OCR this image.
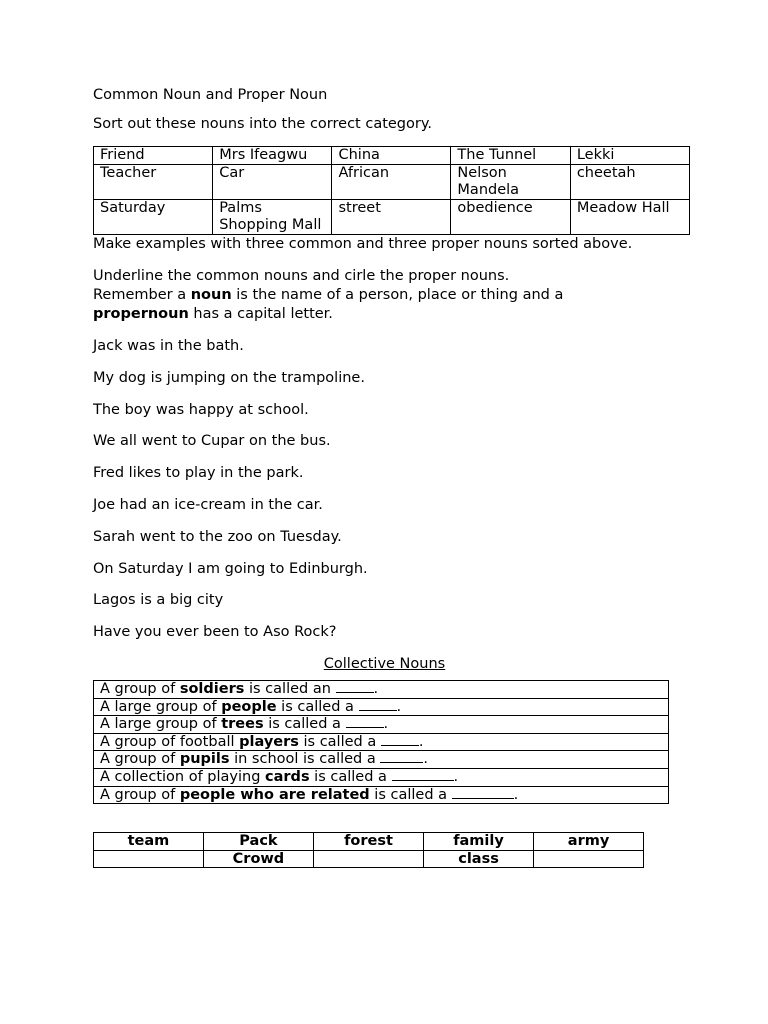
Common Noun and Proper Noun

Sort out these nouns into the correct category.

Friend	Mrs Ifeagwu	China	The Tunnel	Lekki
Teacher	Car	African	Nelson Mandela	cheetah
Saturday	Palms Shopping Mall	street	obedience	Meadow Hall

Make examples with three common and three proper nouns sorted above.

Underline the common nouns and cirle the proper nouns.

Remember a noun is the name of a person, place or thing and a
propernoun has a capital letter.

Jack was in the bath.

My dog is jumping on the trampoline.

The boy was happy at school.

We all went to Cupar on the bus.

Fred likes to play in the park.

Joe had an ice-cream in the car.

Sarah went to the zoo on Tuesday.

On Saturday I am going to Edinburgh.

Lagos is a big city

Have you ever been to Aso Rock?

Collective Nouns

A group of soldiers is called an	.
A large group of people is called a	.
A large group of trees is called a	.
A group of football players is called a	.
A group of pupils in school is called a	.
A collection of playing cards is called a	.
A group of people who are related is called a	.
team	Pack	forest	family	army
	Crowd		class	
